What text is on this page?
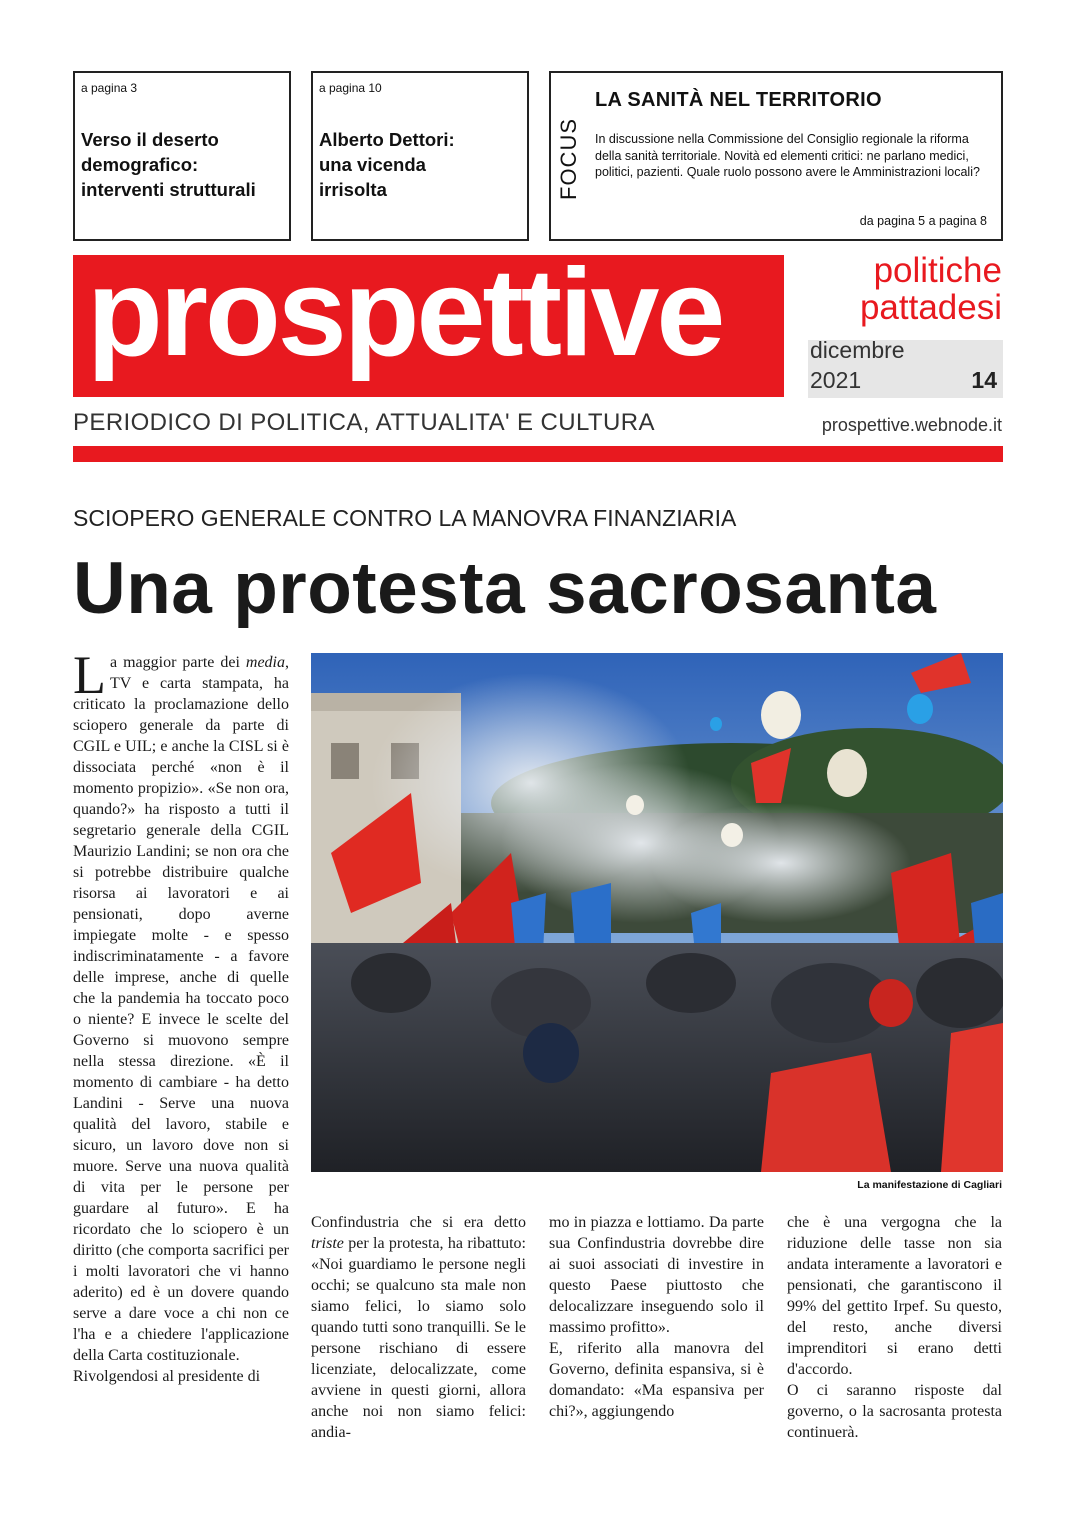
a pagina 3
Verso il deserto
demografico:
interventi strutturali
a pagina 10
Alberto Dettori:
una vicenda
irrisolta	FOCUS
LA SANITÀ NEL TERRITORIO
In discussione nella Commissione del Consiglio regionale la riforma della sanità territoriale. Novità ed elementi critici: ne parlano medici, politici, pazienti. Quale ruolo possono avere le Amministrazioni locali?
da pagina 5 a pagina 8
prospettive	politiche
pattadesi
dicembre
2021	14
PERIODICO DI POLITICA, ATTUALITA' E CULTURA	prospettive.webnode.it
SCIOPERO GENERALE CONTRO LA MANOVRA FINANZIARIA
Una protesta sacrosanta
La maggior parte dei media, TV e carta stampata, ha criticato la proclamazione dello sciopero generale da parte di CGIL e UIL; e anche la CISL si è dissociata perché «non è il momento propizio». «Se non ora, quando?» ha risposto a tutti il segretario generale della CGIL Maurizio Landini; se non ora che si potrebbe distribuire qualche risorsa ai lavoratori e ai pensionati, dopo averne impiegate molte - e spesso indiscriminatamente - a favore delle imprese, anche di quelle che la pandemia ha toccato poco o niente? E invece le scelte del Governo si muovono sempre nella stessa direzione. «È il momento di cambiare - ha detto Landini - Serve una nuova qualità del lavoro, stabile e sicuro, un lavoro dove non si muore. Serve una nuova qualità di vita per le persone per guardare al futuro». E ha ricordato che lo sciopero è un diritto (che comporta sacrifici per i molti lavoratori che vi hanno aderito) ed è un dovere quando serve a dare voce a chi non ce l'ha e a chiedere l'applicazione della Carta costituzionale.
Rivolgendosi al presidente di
La manifestazione di Cagliari
Confindustria che si era detto triste per la protesta, ha ribattuto: «Noi guardiamo le persone negli occhi; se qualcuno sta male non siamo felici, lo siamo solo quando tutti sono tranquilli. Se le persone rischiano di essere licenziate, delocalizzate, come avviene in questi giorni, allora anche noi non siamo felici: andia-
mo in piazza e lottiamo. Da parte sua Confindustria dovrebbe dire ai suoi associati di investire in questo Paese piuttosto che delocalizzare inseguendo solo il massimo profitto».
E, riferito alla manovra del Governo, definita espansiva, si è domandato: «Ma espansiva per chi?», aggiungendo
che è una vergogna che la riduzione delle tasse non sia andata interamente a lavoratori e pensionati, che garantiscono il 99% del gettito Irpef. Su questo, del resto, anche diversi imprenditori si erano detti d'accordo.
O ci saranno risposte dal governo, o la sacrosanta protesta continuerà.
